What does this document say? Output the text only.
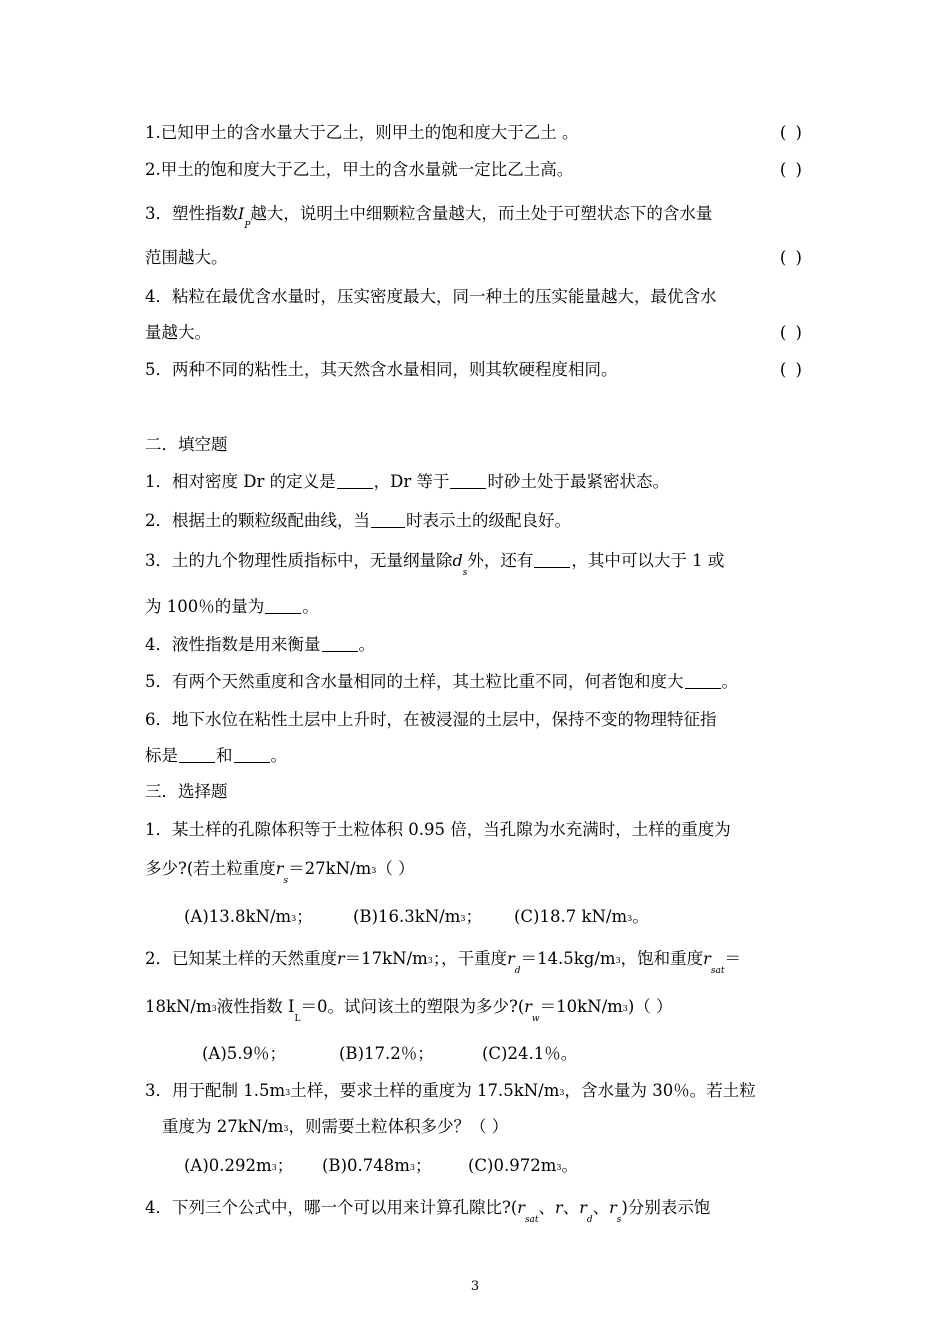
1.已知甲土的含水量大于乙土，则甲土的饱和度大于乙土 。	( )
2.甲土的饱和度大于乙土，甲土的含水量就一定比乙土高。	( )
3．塑性指数$I_P$越大，说明土中细颗粒含量越大，而土处于可塑状态下的含水量
范围越大。	( )
4．粘粒在最优含水量时，压实密度最大，同一种土的压实能量越大，最优含水
量越大。	( )
5．两种不同的粘性土，其天然含水量相同，则其软硬程度相同。	( )
二．填空题
1．相对密度 Dr 的定义是 ，Dr 等于 时砂土处于最紧密状态。
2．根据土的颗粒级配曲线，当 时表示土的级配良好。
3．土的九个物理性质指标中，无量纲量除$d_s$外，还有 ，其中可以大于 1 或
为 100％的量为 。
4．液性指数是用来衡量 。
5．有两个天然重度和含水量相同的土样，其土粒比重不同，何者饱和度大 。
6．地下水位在粘性土层中上升时，在被浸湿的土层中，保持不变的物理特征指
标是 和 。
三．选择题
1．某土样的孔隙体积等于土粒体积 0.95 倍，当孔隙为水充满时，土样的重度为
多少?(若土粒重度$r_s=27kN/m3$（ ）
(A)13.8kN/m3； (B)16.3kN/m3； (C)18.7 kN/m3。
2．已知某土样的天然重度r＝17kN/m3；，干重度$r_d=14.5kg/m3$，饱和重度$r_{sat}=$
18kN/m3液性指数 $I_L=0$。试问该土的塑限为多少$?(r_w=10kN/m3)$（ ）
(A)5.9％；	(B)17.2％；	(C)24.1％。
3．用于配制 1.5m3土样，要求土样的重度为 17.5kN/m3，含水量为 30％。若土粒
重度为 27kN/m3，则需要土粒体积多少？（ ）
(A)0.292m3； (B)0.748m3； (C)0.972m3。
4．下列三个公式中，哪一个可以用来计算孔隙比$?(r_{sat}$、r、$r_d$、$r_s$)分别表示饱
3
